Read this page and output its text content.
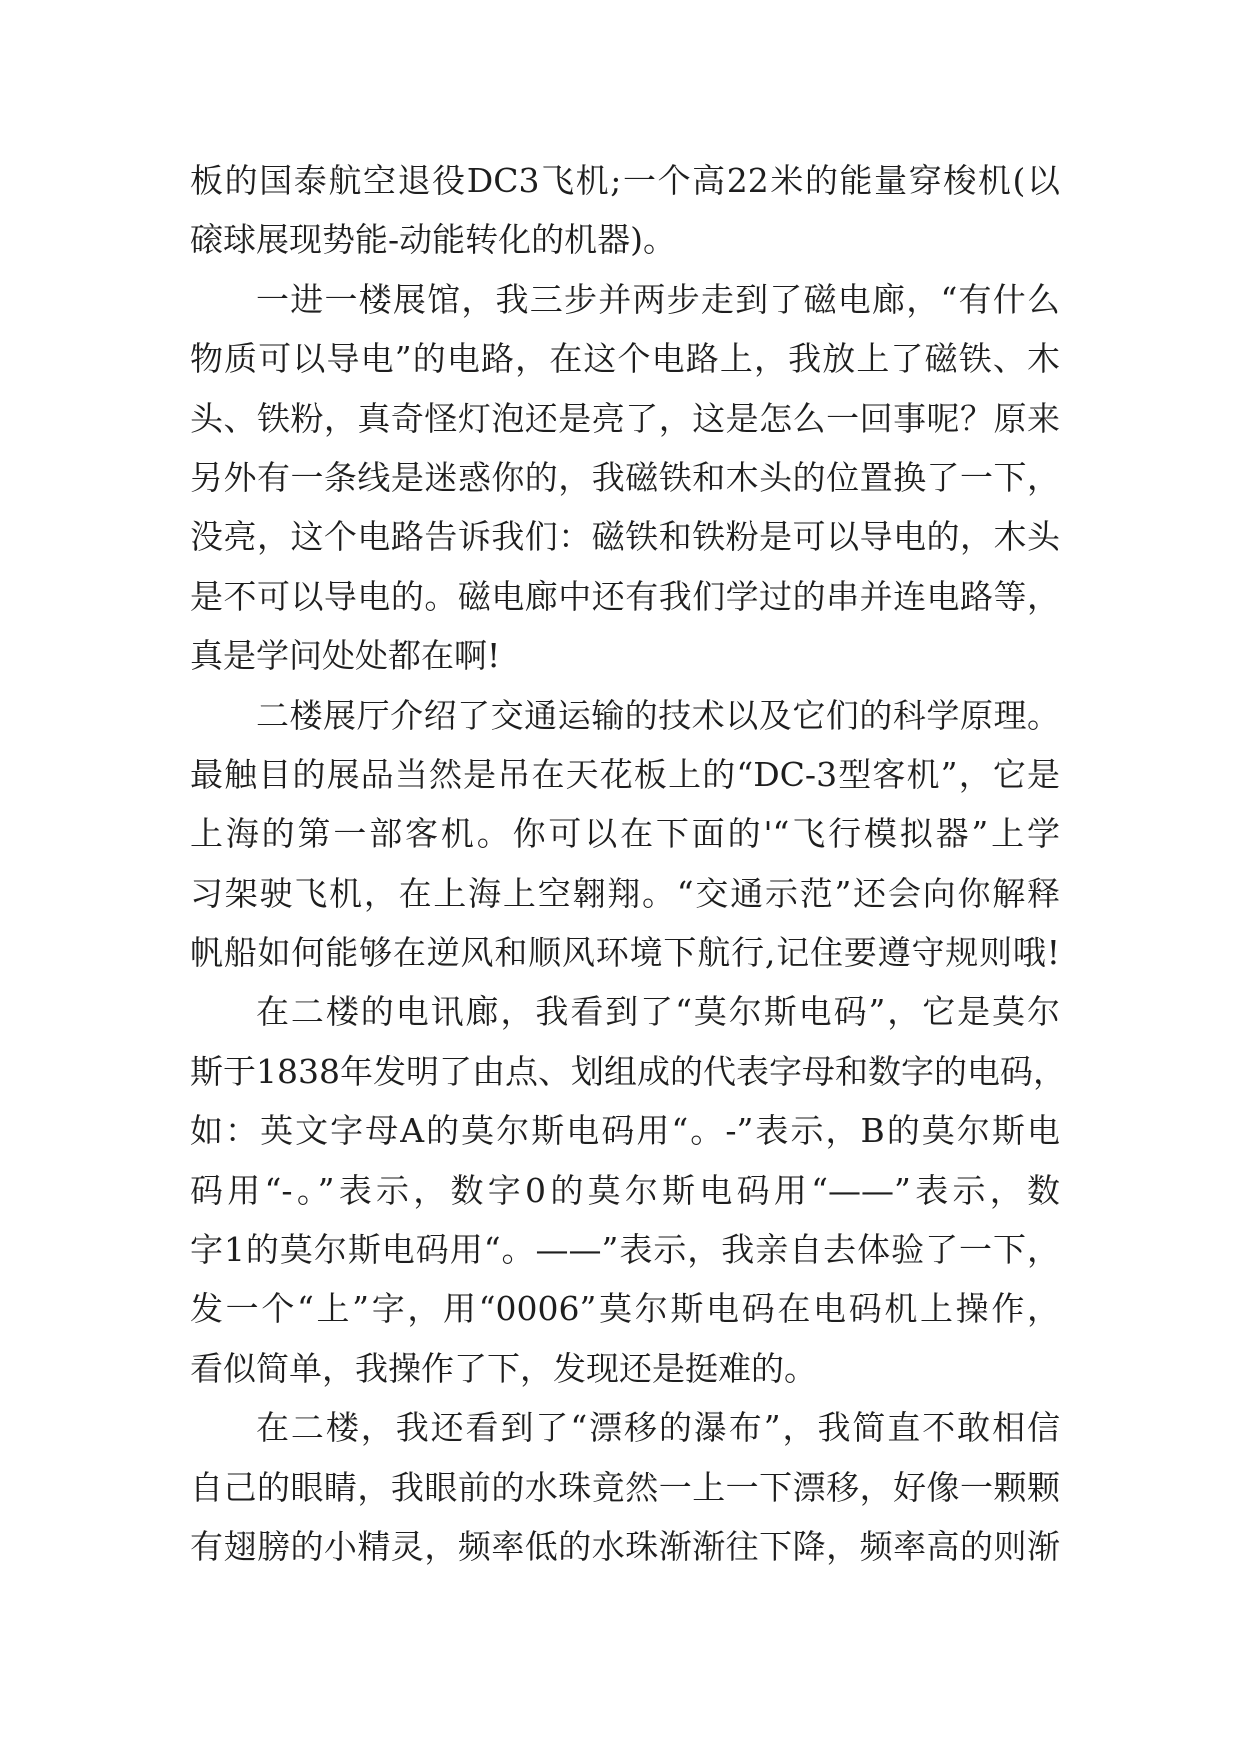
板的国泰航空退役DC3飞机;一个高22米的能量穿梭机(以
磙球展现势能-动能转化的机器)。
一进一楼展馆，我三步并两步走到了磁电廊，“有什么
物质可以导电”的电路，在这个电路上，我放上了磁铁、木
头、铁粉，真奇怪灯泡还是亮了，这是怎么一回事呢？原来
另外有一条线是迷惑你的，我磁铁和木头的位置换了一下，
没亮，这个电路告诉我们：磁铁和铁粉是可以导电的，木头
是不可以导电的。磁电廊中还有我们学过的串并连电路等，
真是学问处处都在啊!
二楼展厅介绍了交通运输的技术以及它们的科学原理。
最触目的展品当然是吊在天花板上的“DC-3型客机”，它是
上海的第一部客机。你可以在下面的'“飞行模拟器”上学
习架驶飞机，在上海上空翱翔。“交通示范”还会向你解释
帆船如何能够在逆风和顺风环境下航行,记住要遵守规则哦!
在二楼的电讯廊，我看到了“莫尔斯电码”，它是莫尔
斯于1838年发明了由点、划组成的代表字母和数字的电码，
如：英文字母A的莫尔斯电码用“。-”表示，B的莫尔斯电
码用“-。”表示，数字0的莫尔斯电码用“——”表示，数
字1的莫尔斯电码用“。——”表示，我亲自去体验了一下，
发一个“上”字，用“0006”莫尔斯电码在电码机上操作，
看似简单，我操作了下，发现还是挺难的。
在二楼，我还看到了“漂移的瀑布”，我简直不敢相信
自己的眼睛，我眼前的水珠竟然一上一下漂移，好像一颗颗
有翅膀的小精灵，频率低的水珠渐渐往下降，频率高的则渐
